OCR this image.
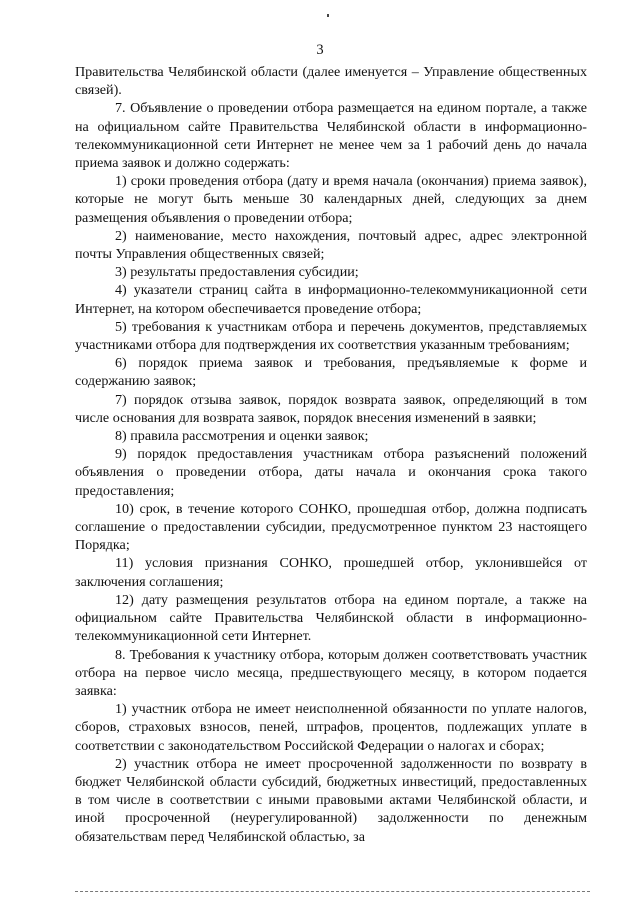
3

Правительства Челябинской области (далее именуется – Управление общественных связей).

7. Объявление о проведении отбора размещается на едином портале, а также на официальном сайте Правительства Челябинской области в информационно-телекоммуникационной сети Интернет не менее чем за 1 рабочий день до начала приема заявок и должно содержать:

1) сроки проведения отбора (дату и время начала (окончания) приема заявок), которые не могут быть меньше 30 календарных дней, следующих за днем размещения объявления о проведении отбора;

2) наименование, место нахождения, почтовый адрес, адрес электронной почты Управления общественных связей;

3) результаты предоставления субсидии;

4) указатели страниц сайта в информационно-телекоммуникационной сети Интернет, на котором обеспечивается проведение отбора;

5) требования к участникам отбора и перечень документов, представляемых участниками отбора для подтверждения их соответствия указанным требованиям;

6) порядок приема заявок и требования, предъявляемые к форме и содержанию заявок;

7) порядок отзыва заявок, порядок возврата заявок, определяющий в том числе основания для возврата заявок, порядок внесения изменений в заявки;

8) правила рассмотрения и оценки заявок;

9) порядок предоставления участникам отбора разъяснений положений объявления о проведении отбора, даты начала и окончания срока такого предоставления;

10) срок, в течение которого СОНКО, прошедшая отбор, должна подписать соглашение о предоставлении субсидии, предусмотренное пунктом 23 настоящего Порядка;

11) условия признания СОНКО, прошедшей отбор, уклонившейся от заключения соглашения;

12) дату размещения результатов отбора на едином портале, а также на официальном сайте Правительства Челябинской области в информационно-телекоммуникационной сети Интернет.

8. Требования к участнику отбора, которым должен соответствовать участник отбора на первое число месяца, предшествующего месяцу, в котором подается заявка:

1) участник отбора не имеет неисполненной обязанности по уплате налогов, сборов, страховых взносов, пеней, штрафов, процентов, подлежащих уплате в соответствии с законодательством Российской Федерации о налогах и сборах;

2) участник отбора не имеет просроченной задолженности по возврату в бюджет Челябинской области субсидий, бюджетных инвестиций, предоставленных в том числе в соответствии с иными правовыми актами Челябинской области, и иной просроченной (неурегулированной) задолженности по денежным обязательствам перед Челябинской областью, за
